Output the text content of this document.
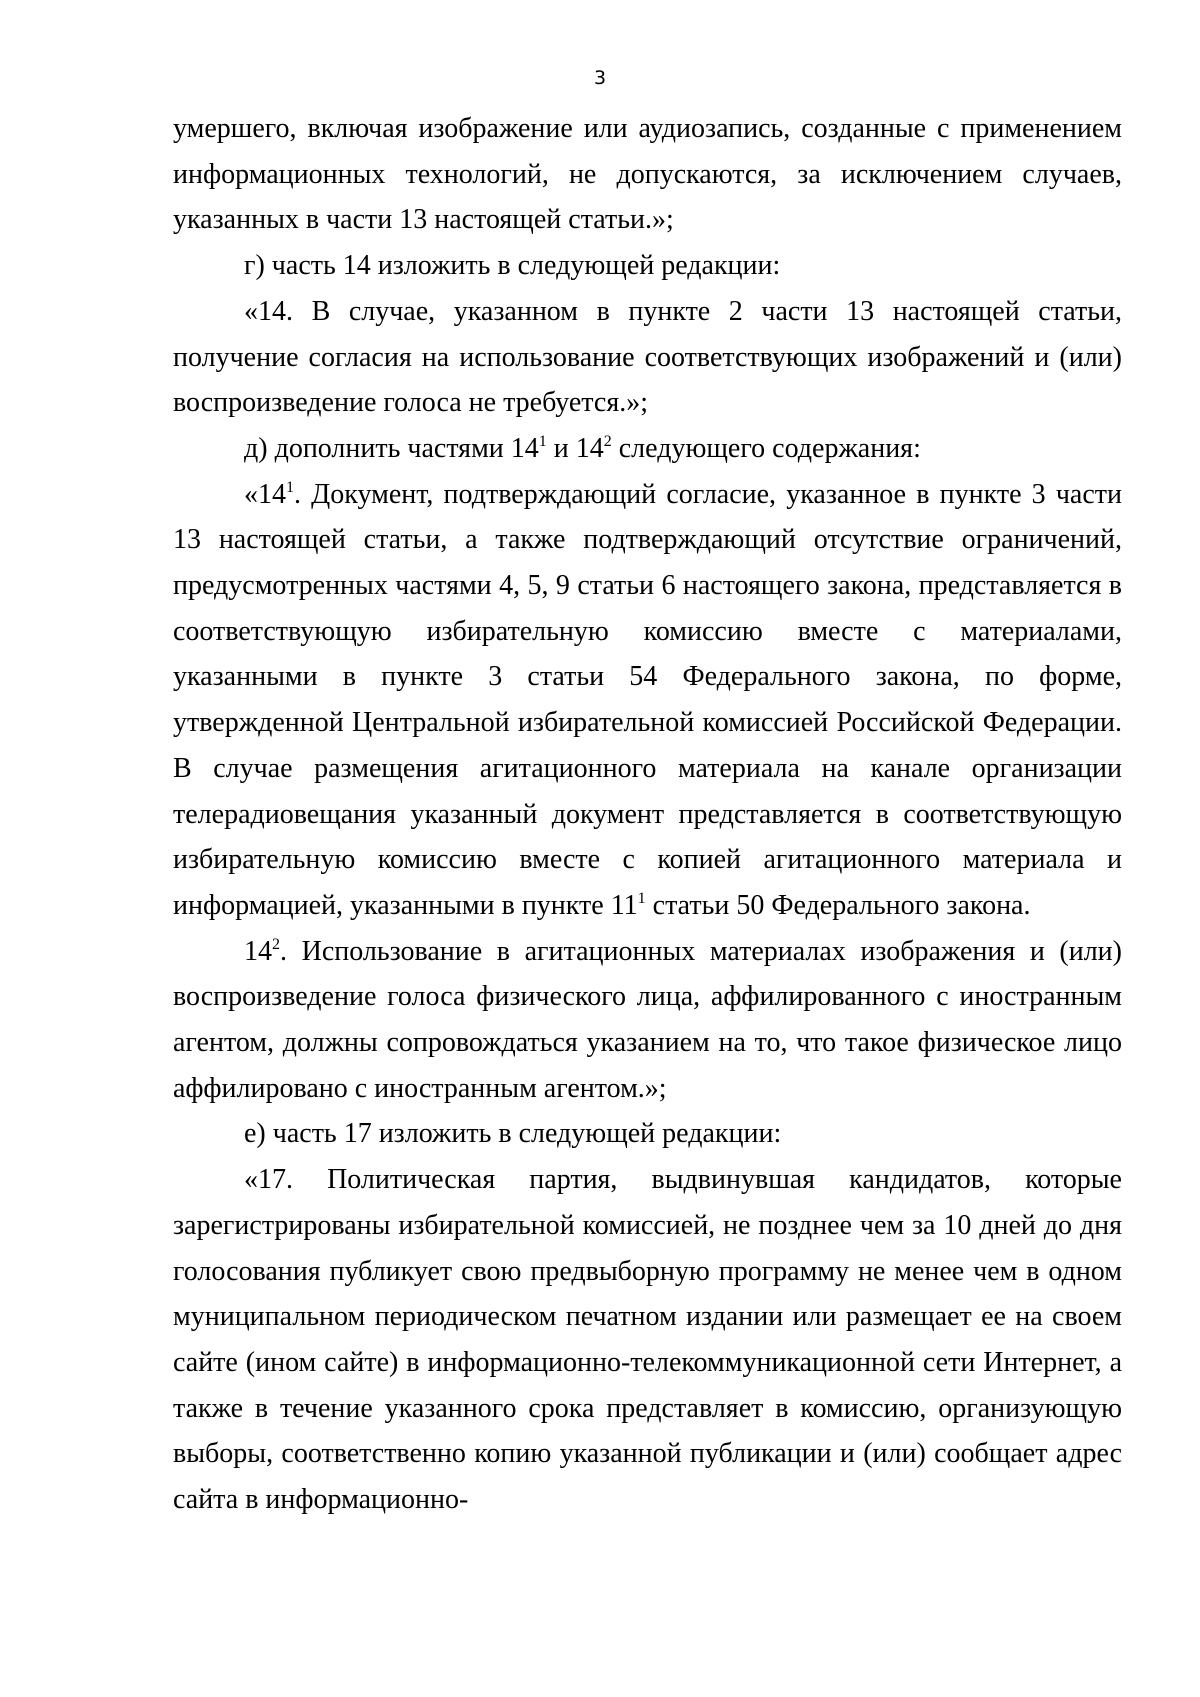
3

умершего, включая изображение или аудиозапись, созданные с применением информационных технологий, не допускаются, за исключением случаев, указанных в части 13 настоящей статьи.»;

г) часть 14 изложить в следующей редакции:

«14. В случае, указанном в пункте 2 части 13 настоящей статьи, получение согласия на использование соответствующих изображений и (или) воспроизведение голоса не требуется.»;

д) дополнить частями $14^1$ и $14^2$ следующего содержания:

«$14^1$. Документ, подтверждающий согласие, указанное в пункте 3 части 13 настоящей статьи, а также подтверждающий отсутствие ограничений, предусмотренных частями 4, 5, 9 статьи 6 настоящего закона, представляется в соответствующую избирательную комиссию вместе с материалами, указанными в пункте 3 статьи 54 Федерального закона, по форме, утвержденной Центральной избирательной комиссией Российской Федерации. В случае размещения агитационного материала на канале организации телерадиовещания указанный документ представляется в соответствующую избирательную комиссию вместе с копией агитационного материала и информацией, указанными в пункте $11^1$ статьи 50 Федерального закона.

$14^2$. Использование в агитационных материалах изображения и (или) воспроизведение голоса физического лица, аффилированного с иностранным агентом, должны сопровождаться указанием на то, что такое физическое лицо аффилировано с иностранным агентом.»;

е) часть 17 изложить в следующей редакции:

«17. Политическая партия, выдвинувшая кандидатов, которые зарегистрированы избирательной комиссией, не позднее чем за 10 дней до дня голосования публикует свою предвыборную программу не менее чем в одном муниципальном периодическом печатном издании или размещает ее на своем сайте (ином сайте) в информационно-телекоммуникационной сети Интернет, а также в течение указанного срока представляет в комиссию, организующую выборы, соответственно копию указанной публикации и (или) сообщает адрес сайта в информационно-
